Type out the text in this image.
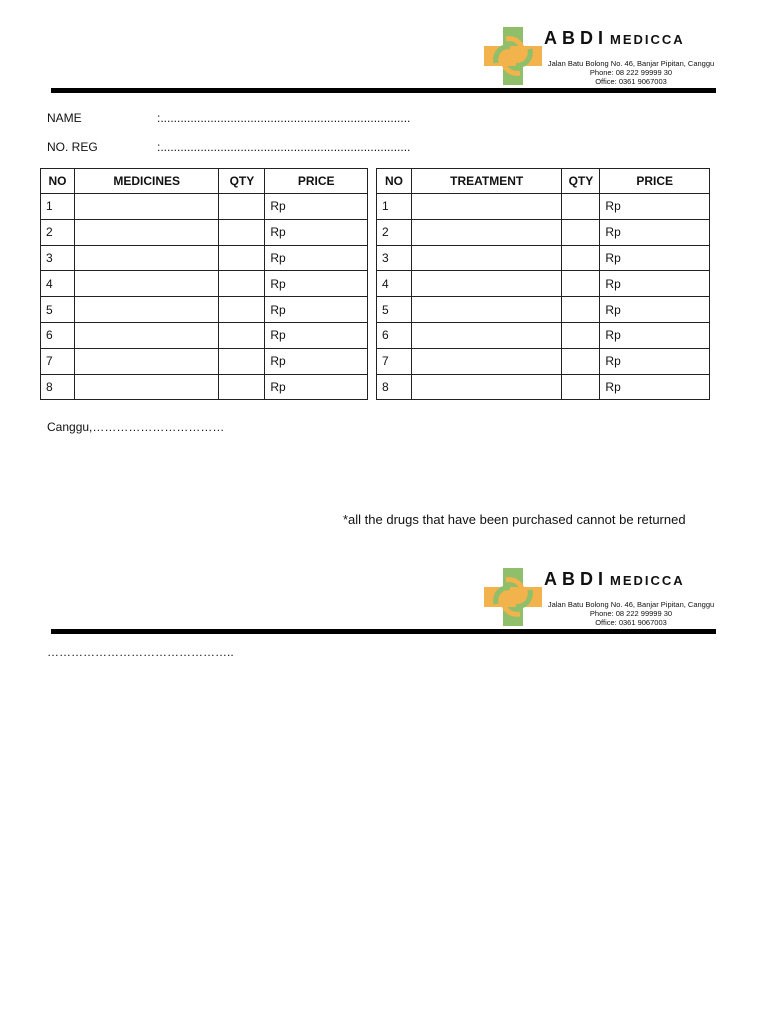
ABDI MEDICCA
Jalan Batu Bolong No. 46, Banjar Pipitan, Canggu
Phone: 08 222 99999 30
Office: 0361 9067003
NAME	:...........................................................................
NO. REG	:...........................................................................
NO	MEDICINES	QTY	PRICE
1			Rp
2			Rp
3			Rp
4			Rp
5			Rp
6			Rp
7			Rp
8			Rp
NO	TREATMENT	QTY	PRICE
1			Rp
2			Rp
3			Rp
4			Rp
5			Rp
6			Rp
7			Rp
8			Rp
Canggu,……………………………
*all the drugs that have been purchased cannot be returned
ABDI MEDICCA
Jalan Batu Bolong No. 46, Banjar Pipitan, Canggu
Phone: 08 222 99999 30
Office: 0361 9067003
………………………………………..
